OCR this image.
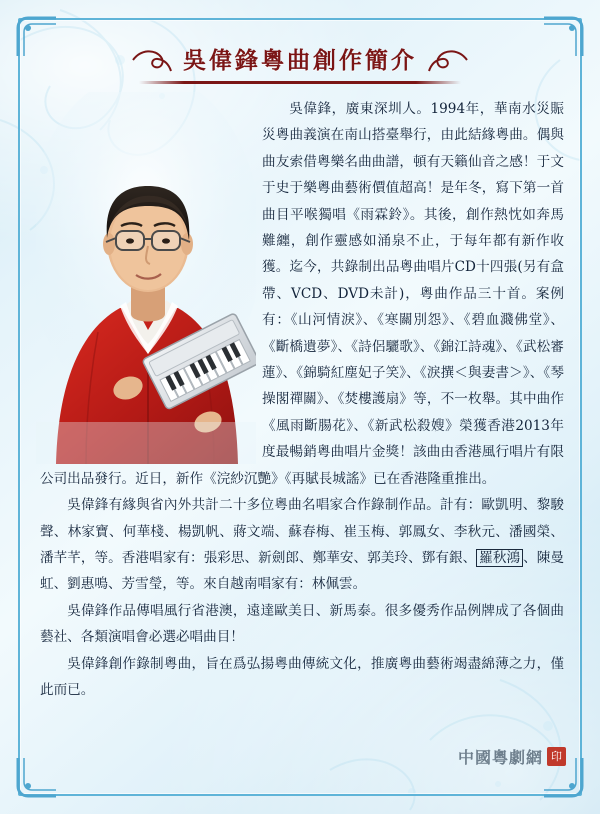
吳偉鋒粵曲創作簡介

吳偉鋒，廣東深圳人。1994年，華南水災賑災粵曲義演在南山搭臺舉行，由此結緣粵曲。偶與曲友索借粵樂名曲曲譜，頓有天籟仙音之感！于文于史于樂粵曲藝術價值超高！是年冬，寫下第一首曲目平喉獨唱《雨霖鈴》。其後，創作熱忱如奔馬難纏，創作靈感如涌泉不止，于每年都有新作收獲。迄今，共錄制出品粵曲唱片CD十四張(另有盒帶、VCD、DVD未計)，粵曲作品三十首。案例有：《山河情淚》、《寒關別怨》、《碧血濺佛堂》、《斷橋遺夢》、《詩侶驪歌》、《錦江詩魂》、《武松審蓮》、《錦騎紅塵妃子笑》、《淚撰＜與妻書＞》、《琴操閣禪關》、《焚樓護扇》等，不一枚舉。其中曲作《風雨斷腸花》、《新武松殺嫂》榮獲香港2013年度最暢銷粵曲唱片金獎！該曲由香港風行唱片有限公司出品發行。近日，新作《浣紗沉艷》《再賦長城謠》已在香港隆重推出。

吳偉鋒有緣與省內外共計二十多位粵曲名唱家合作錄制作品。計有：歐凱明、黎駿聲、林家寶、何華棧、楊凱帆、蔣文端、蘇春梅、崔玉梅、郭鳳女、李秋元、潘國榮、潘芊芊，等。香港唱家有：張彩思、新劍郎、鄭華安、郭美玲、鄧有銀、 羅秋鴻 、陳曼虹、劉惠鳴、芳雪瑩，等。來自越南唱家有：林佩雲。

吳偉鋒作品傳唱風行省港澳，遠達歐美日、新馬泰。很多優秀作品例牌成了各個曲藝社、各類演唱會必選必唱曲目！

吳偉鋒創作錄制粵曲，旨在爲弘揚粵曲傳統文化，推廣粵曲藝術竭盡綿薄之力，僅此而已。

中國粵劇網 印
